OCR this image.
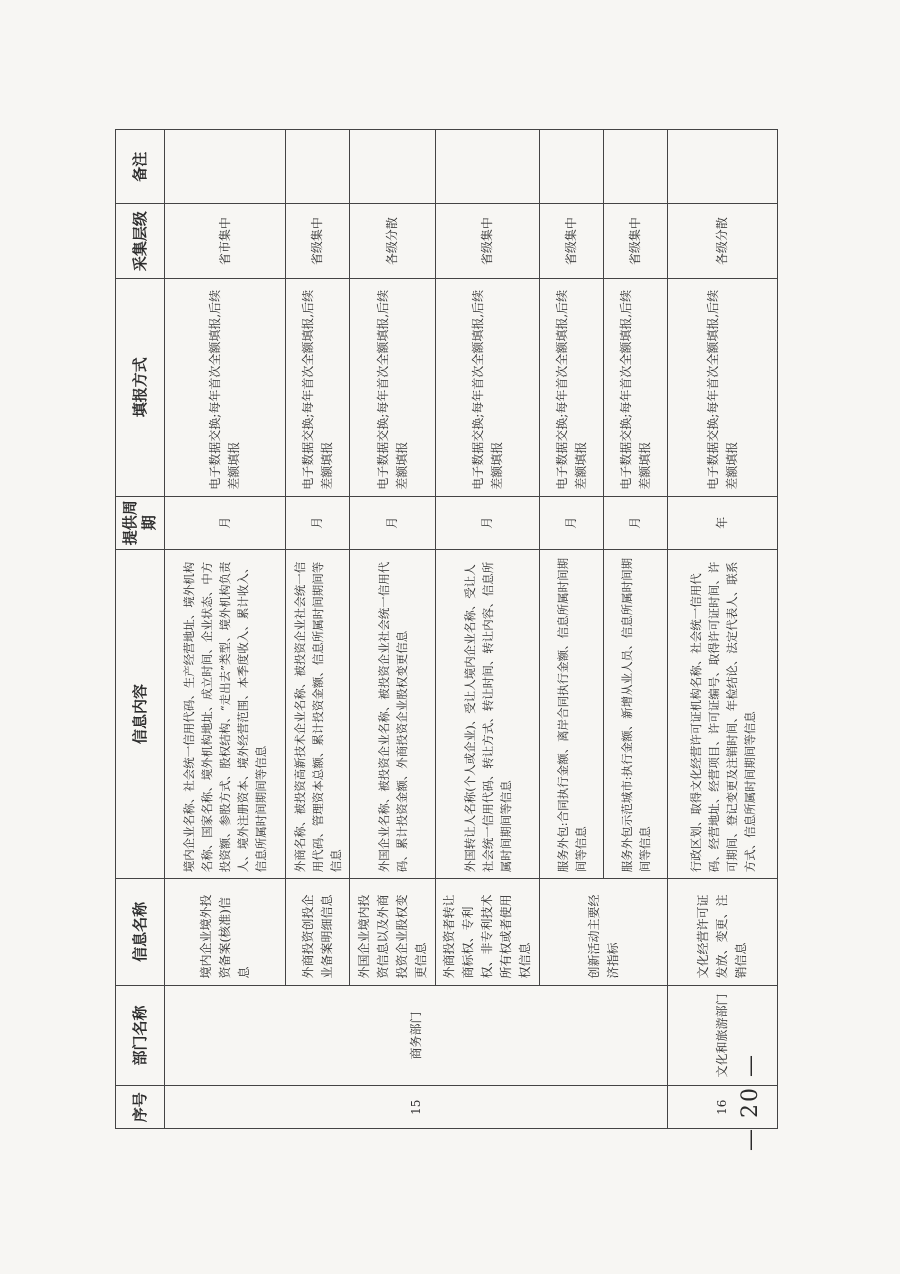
— 20 —
序号	部门名称	信息名称	信息内容	提供周期	填报方式	采集层级	备注
15	商务部门	境内企业境外投资备案(核准)信息	境内企业名称、社会统一信用代码、生产经营地址、境外机构名称、国家名称、境外机构地址、成立时间、企业状态、中方投资额、参股方式、股权结构、“走出去”类型、境外机构负责人、境外注册资本、境外经营范围、本季度收入、累计收入、信息所属时间期间等信息	月	电子数据交换;每年首次全额填报,后续差额填报	省市集中	
		外商投资创投企业备案明细信息	外商名称、被投资高新技术企业名称、被投资企业社会统一信用代码、管理资本总额、累计投资金额、信息所属时间期间等信息	月	电子数据交换;每年首次全额填报,后续差额填报	省级集中	
		外国企业境内投资信息以及外商投资企业股权变更信息	外国企业名称、被投资企业名称、被投资企业社会统一信用代码、累计投资金额、外商投资企业股权变更信息	月	电子数据交换;每年首次全额填报,后续差额填报	各级分散	
		外商投资者转让商标权、专利权、非专利技术所有权或者使用权信息	外国转让人名称(个人或企业)、受让人境内企业名称、受让人社会统一信用代码、转让方式、转让时间、转让内容、信息所属时间期间等信息	月	电子数据交换;每年首次全额填报,后续差额填报	省级集中	
		创新活动主要经济指标	服务外包:合同执行金额、离岸合同执行金额、信息所属时间期间等信息	月	电子数据交换;每年首次全额填报,后续差额填报	省级集中	
			服务外包示范城市:执行金额、新增从业人员、信息所属时间期间等信息	月	电子数据交换;每年首次全额填报,后续差额填报	省级集中	
16	文化和旅游部门	文化经营许可证发放、变更、注销信息	行政区划、取得文化经营许可证机构名称、社会统一信用代码、经营地址、经营项目、许可证编号、取得许可证时间、许可期间、登记变更及注销时间、年检结论、法定代表人、联系方式、信息所属时间期间等信息	年	电子数据交换;每年首次全额填报,后续差额填报	各级分散	
